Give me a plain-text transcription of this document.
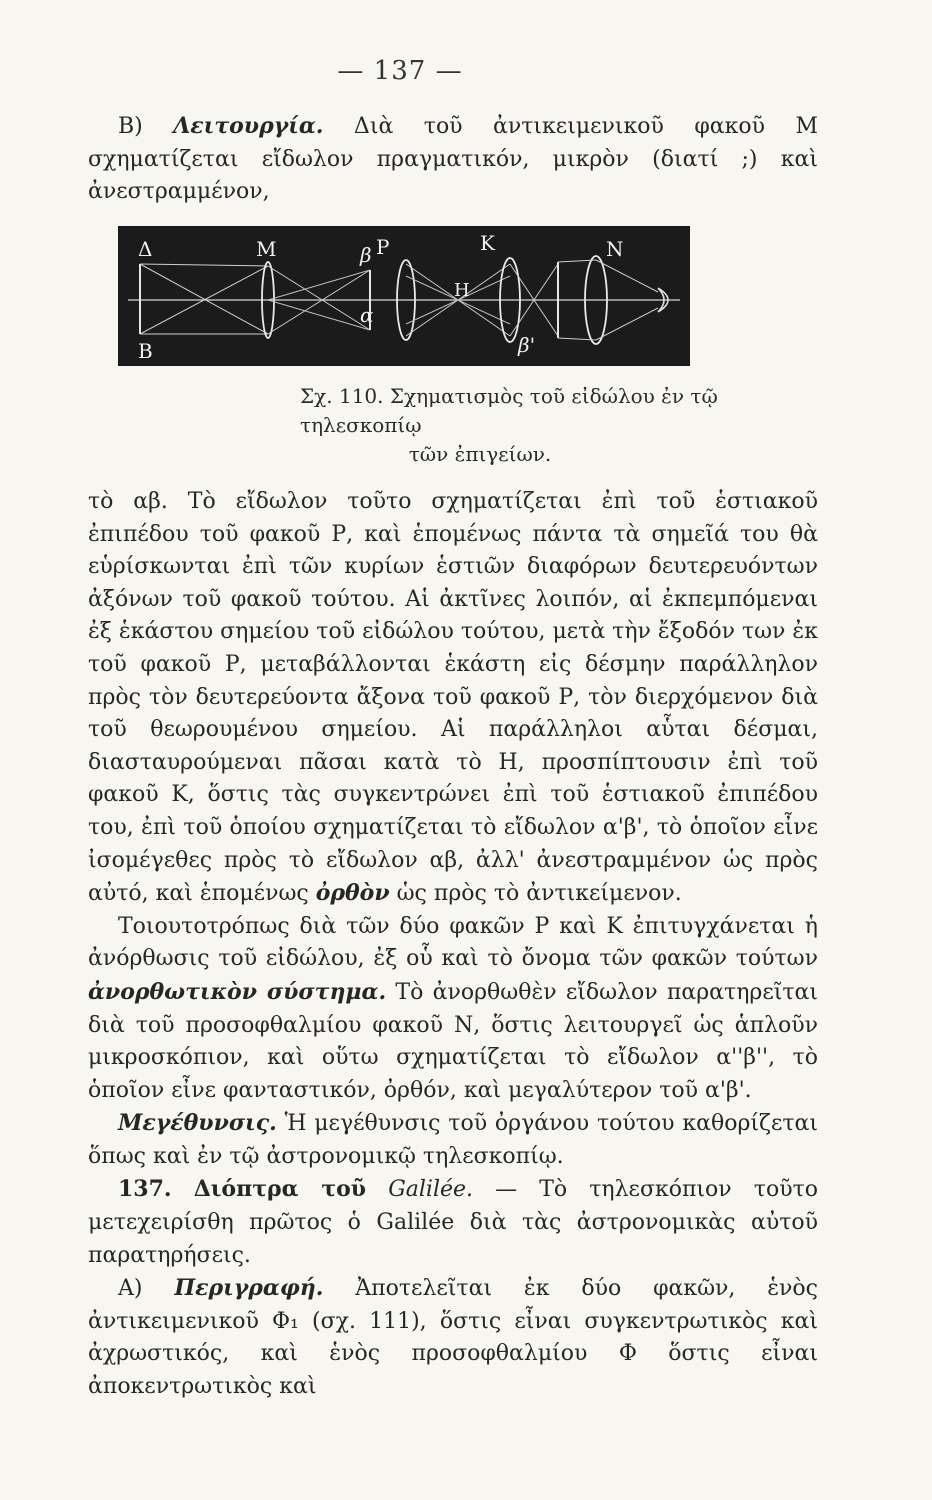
— 137 —

B) Λειτουργία. Διὰ τοῦ ἀντικειμενικοῦ φακοῦ Μ σχηματίζεται εἴδωλον πραγματικόν, μικρὸν (διατί ;) καὶ ἀνεστραμμένον,

Δ
B
M	β P
α
H
K	N
β'
Σχ. 110. Σχηματισμὸς τοῦ εἰδώλου ἐν τῷ τηλεσκοπίῳ
τῶν ἐπιγείων.

τὸ αβ. Τὸ εἴδωλον τοῦτο σχηματίζεται ἐπὶ τοῦ ἑστιακοῦ ἐπιπέδου τοῦ φακοῦ Ρ, καὶ ἑπομένως πάντα τὰ σημεῖά του θὰ εὑρίσκωνται ἐπὶ τῶν κυρίων ἑστιῶν διαφόρων δευτερευόντων ἀξόνων τοῦ φακοῦ τούτου. Αἱ ἀκτῖνες λοιπόν, αἱ ἐκπεμπόμεναι ἐξ ἑκάστου σημείου τοῦ εἰδώλου τούτου, μετὰ τὴν ἔξοδόν των ἐκ τοῦ φακοῦ Ρ, μεταβάλλονται ἑκάστη εἰς δέσμην παράλληλον πρὸς τὸν δευτερεύοντα ἄξονα τοῦ φακοῦ Ρ, τὸν διερχόμενον διὰ τοῦ θεωρουμένου σημείου. Αἱ παράλληλοι αὗται δέσμαι, διασταυρούμεναι πᾶσαι κατὰ τὸ Η, προσπίπτουσιν ἐπὶ τοῦ φακοῦ Κ, ὅστις τὰς συγκεντρώνει ἐπὶ τοῦ ἑστιακοῦ ἐπιπέδου του, ἐπὶ τοῦ ὁποίου σχηματίζεται τὸ εἴδωλον α'β', τὸ ὁποῖον εἶνε ἰσομέγεθες πρὸς τὸ εἴδωλον αβ, ἀλλ' ἀνεστραμμένον ὡς πρὸς αὐτό, καὶ ἑπομένως ὀρθὸν ὡς πρὸς τὸ ἀντικείμενον.

Τοιουτοτρόπως διὰ τῶν δύο φακῶν Ρ καὶ Κ ἐπιτυγχάνεται ἡ ἀνόρθωσις τοῦ εἰδώλου, ἐξ οὗ καὶ τὸ ὄνομα τῶν φακῶν τούτων ἀνορθωτικὸν σύστημα. Τὸ ἀνορθωθὲν εἴδωλον παρατηρεῖται διὰ τοῦ προσοφθαλμίου φακοῦ Ν, ὅστις λειτουργεῖ ὡς ἁπλοῦν μικροσκόπιον, καὶ οὕτω σχηματίζεται τὸ εἴδωλον α''β'', τὸ ὁποῖον εἶνε φανταστικόν, ὀρθόν, καὶ μεγαλύτερον τοῦ α'β'.

Μεγέθυνσις. Ἡ μεγέθυνσις τοῦ ὀργάνου τούτου καθορίζεται ὅπως καὶ ἐν τῷ ἀστρονομικῷ τηλεσκοπίῳ.

137. Διόπτρα τοῦ Galilée. — Τὸ τηλεσκόπιον τοῦτο μετεχειρίσθη πρῶτος ὁ Galilée διὰ τὰς ἀστρονομικὰς αὐτοῦ παρατηρήσεις.

A) Περιγραφή. Ἀποτελεῖται ἐκ δύο φακῶν, ἑνὸς ἀντικειμενικοῦ Φ₁ (σχ. 111), ὅστις εἶναι συγκεντρωτικὸς καὶ ἀχρωστικός, καὶ ἑνὸς προσοφθαλμίου Φ ὅστις εἶναι ἀποκεντρωτικὸς καὶ
